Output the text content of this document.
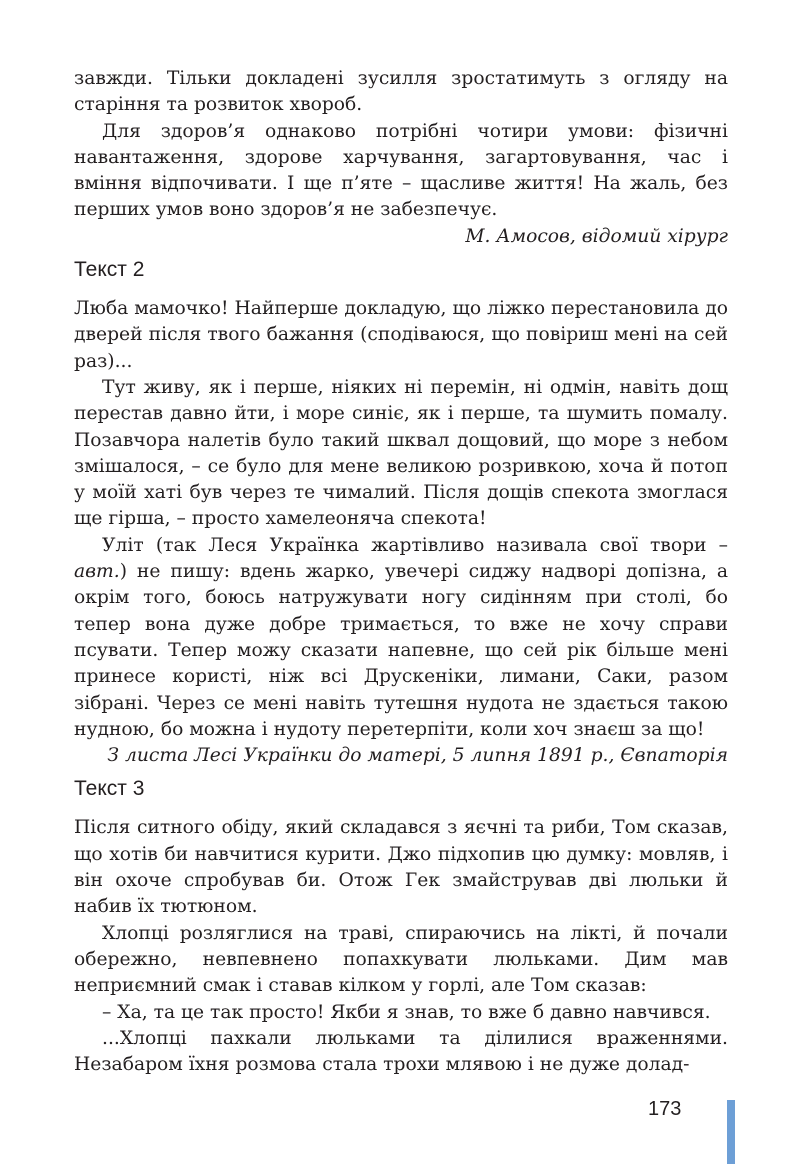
завжди. Тільки докладені зусилля зростатимуть з огляду на старіння та розвиток хвороб.

Для здоров’я однаково потрібні чотири умови: фізичні навантаження, здорове харчування, загартовування, час і вміння відпочивати. І ще п’яте – щасливе життя! На жаль, без перших умов воно здоров’я не забезпечує.

М. Амосов, відомий хірург

Текст 2

Люба мамочко! Найперше докладую, що ліжко перестановила до дверей після твого бажання (сподіваюся, що повіриш мені на сей раз)...

Тут живу, як і перше, ніяких ні перемін, ні одмін, навіть дощ перестав давно йти, і море синіє, як і перше, та шумить помалу. Позавчора налетів було такий шквал дощовий, що море з небом змішалося, – се було для мене великою розривкою, хоча й потоп у моїй хаті був через те чималий. Після дощів спекота змоглася ще гірша, – просто хамелеоняча спекота!

Уліт (так Леся Українка жартівливо називала свої твори – авт.) не пишу: вдень жарко, увечері сиджу надворі допізна, а окрім того, боюсь натружувати ногу сидінням при столі, бо тепер вона дуже добре тримається, то вже не хочу справи псувати. Тепер можу сказати напевне, що сей рік більше мені принесе користі, ніж всі Друскеніки, лимани, Саки, разом зібрані. Через се мені навіть тутешня нудота не здається такою нудною, бо можна і нудоту перетерпіти, коли хоч знаєш за що!

З листа Лесі Українки до матері, 5 липня 1891 р., Євпаторія

Текст 3

Після ситного обіду, який складався з яєчні та риби, Том сказав, що хотів би навчитися курити. Джо підхопив цю думку: мовляв, і він охоче спробував би. Отож Гек змайстрував дві люльки й набив їх тютюном.

Хлопці розляглися на траві, спираючись на лікті, й почали обережно, невпевнено попахкувати люльками. Дим мав неприємний смак і ставав кілком у горлі, але Том сказав:

– Ха, та це так просто! Якби я знав, то вже б давно навчився.

...Хлопці пахкали люльками та ділилися враженнями. Незабаром їхня розмова стала трохи млявою і не дуже долад-

173
